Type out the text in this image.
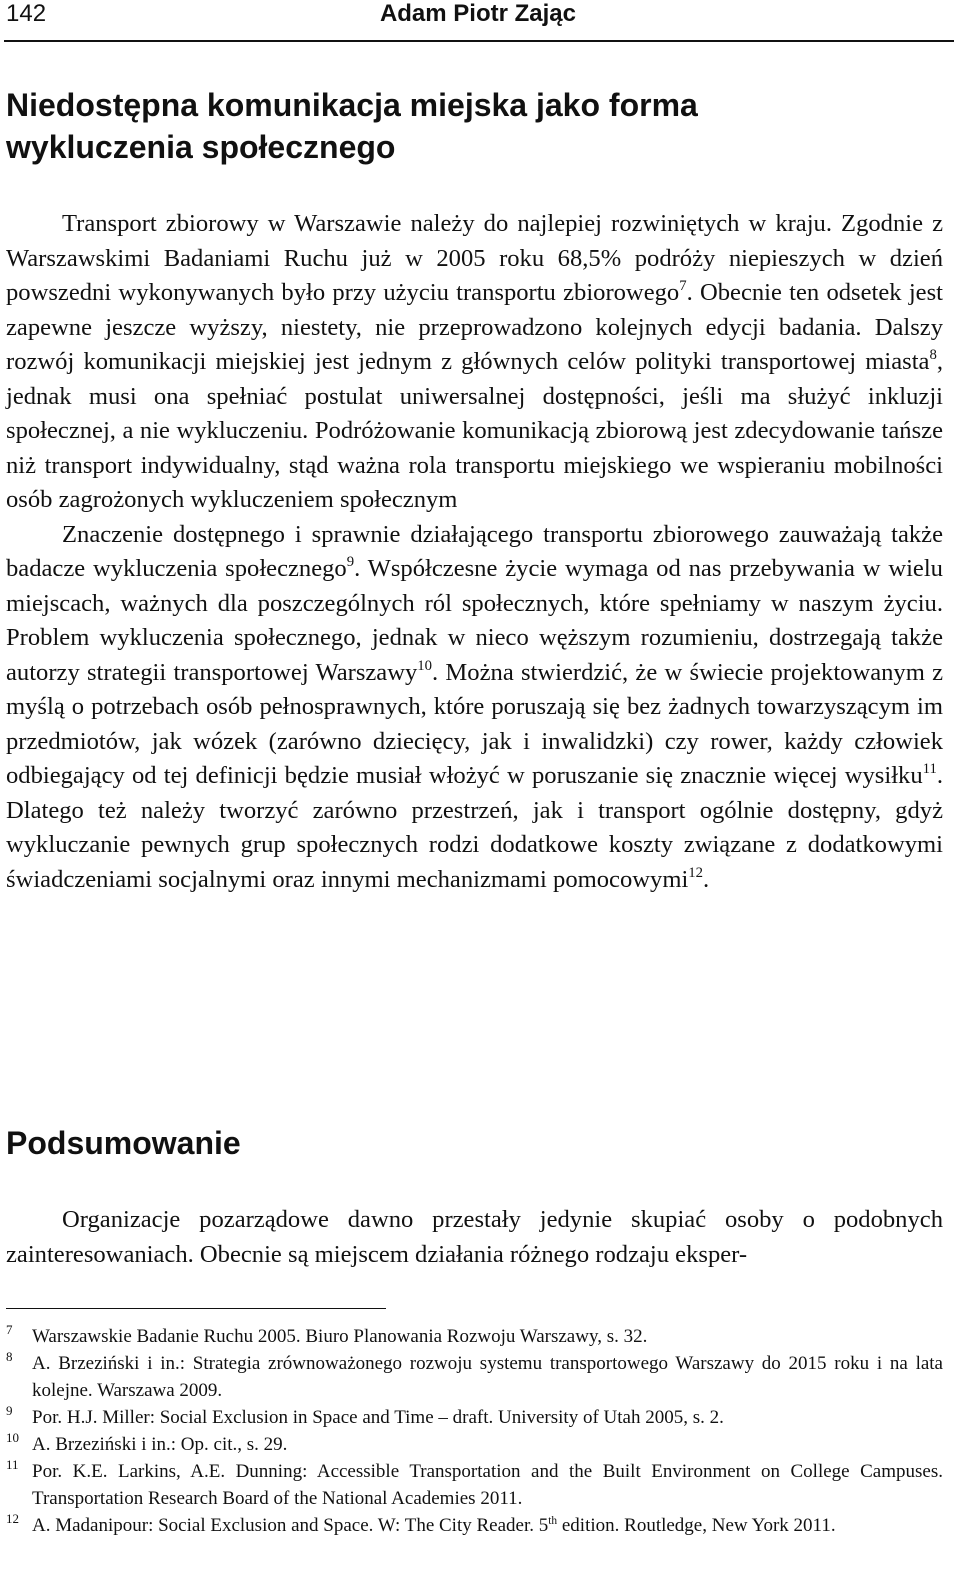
142	Adam Piotr Zając
Niedostępna komunikacja miejska jako forma
wykluczenia społecznego

Transport zbiorowy w Warszawie należy do najlepiej rozwiniętych w kraju. Zgodnie z Warszawskimi Badaniami Ruchu już w 2005 roku 68,5% podróży niepieszych w dzień powszedni wykonywanych było przy użyciu transportu zbiorowego$^7$. Obecnie ten odsetek jest zapewne jeszcze wyższy, niestety, nie przeprowadzono kolejnych edycji badania. Dalszy rozwój komunikacji miejskiej jest jednym z głównych celów polityki transportowej miasta$^8$, jednak musi ona spełniać postulat uniwersalnej dostępności, jeśli ma służyć inkluzji społecznej, a nie wykluczeniu. Podróżowanie komunikacją zbiorową jest zdecydowanie tańsze niż transport indywidualny, stąd ważna rola transportu miejskiego we wspieraniu mobilności osób zagrożonych wykluczeniem społecznym

Znaczenie dostępnego i sprawnie działającego transportu zbiorowego zauważają także badacze wykluczenia społecznego$^9$. Współczesne życie wymaga od nas przebywania w wielu miejscach, ważnych dla poszczególnych ról społecznych, które spełniamy w naszym życiu. Problem wykluczenia społecznego, jednak w nieco węższym rozumieniu, dostrzegają także autorzy strategii transportowej Warszawy$^{10}$. Można stwierdzić, że w świecie projektowanym z myślą o potrzebach osób pełnosprawnych, które poruszają się bez żadnych towarzyszącym im przedmiotów, jak wózek (zarówno dziecięcy, jak i inwalidzki) czy rower, każdy człowiek odbiegający od tej definicji będzie musiał włożyć w poruszanie się znacznie więcej wysiłku$^{11}$. Dlatego też należy tworzyć zarówno przestrzeń, jak i transport ogólnie dostępny, gdyż wykluczanie pewnych grup społecznych rodzi dodatkowe koszty związane z dodatkowymi świadczeniami socjalnymi oraz innymi mechanizmami pomocowymi$^{12}$.

Podsumowanie

Organizacje pozarządowe dawno przestały jedynie skupiać osoby o podobnych zainteresowaniach. Obecnie są miejscem działania różnego rodzaju eksper-

7 Warszawskie Badanie Ruchu 2005. Biuro Planowania Rozwoju Warszawy, s. 32.
8 A. Brzeziński i in.: Strategia zrównoważonego rozwoju systemu transportowego Warszawy do 2015 roku i na lata kolejne. Warszawa 2009.
9 Por. H.J. Miller: Social Exclusion in Space and Time – draft. University of Utah 2005, s. 2.
10 A. Brzeziński i in.: Op. cit., s. 29.
11 Por. K.E. Larkins, A.E. Dunning: Accessible Transportation and the Built Environment on College Campuses. Transportation Research Board of the National Academies 2011.
12 A. Madanipour: Social Exclusion and Space. W: The City Reader. 5th edition. Routledge, New York 2011.
